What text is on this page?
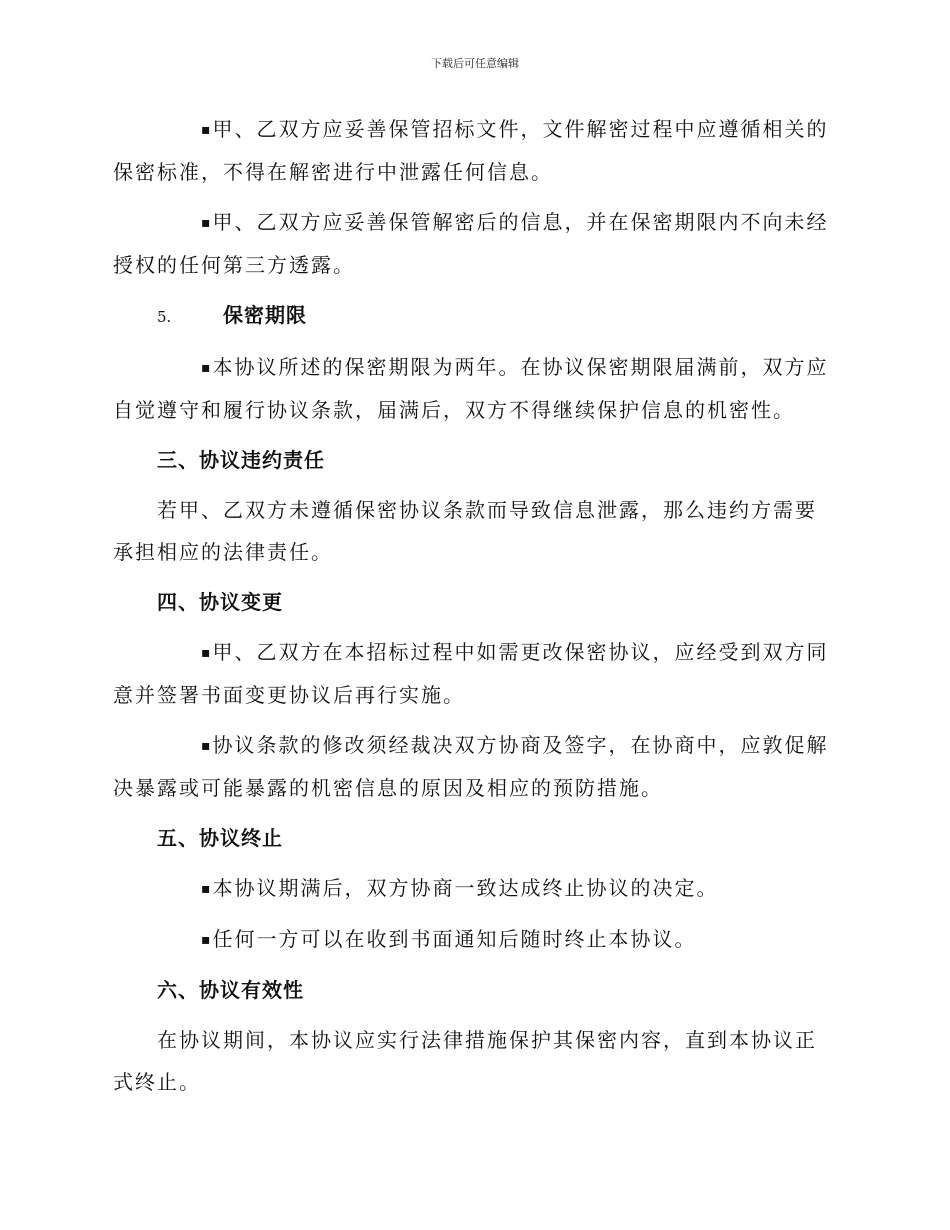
下载后可任意编辑

▪ 甲、乙双方应妥善保管招标文件，文件解密过程中应遵循相关的保密标准，不得在解密进行中泄露任何信息。

▪ 甲、乙双方应妥善保管解密后的信息，并在保密期限内不向未经授权的任何第三方透露。

5.	保密期限

▪ 本协议所述的保密期限为两年。在协议保密期限届满前，双方应自觉遵守和履行协议条款，届满后，双方不得继续保护信息的机密性。

三、协议违约责任

若甲、乙双方未遵循保密协议条款而导致信息泄露，那么违约方需要承担相应的法律责任。

四、协议变更

▪ 甲、乙双方在本招标过程中如需更改保密协议，应经受到双方同意并签署书面变更协议后再行实施。

▪ 协议条款的修改须经裁决双方协商及签字，在协商中，应敦促解决暴露或可能暴露的机密信息的原因及相应的预防措施。

五、协议终止

▪ 本协议期满后，双方协商一致达成终止协议的决定。

▪ 任何一方可以在收到书面通知后随时终止本协议。

六、协议有效性

在协议期间，本协议应实行法律措施保护其保密内容，直到本协议正式终止。
